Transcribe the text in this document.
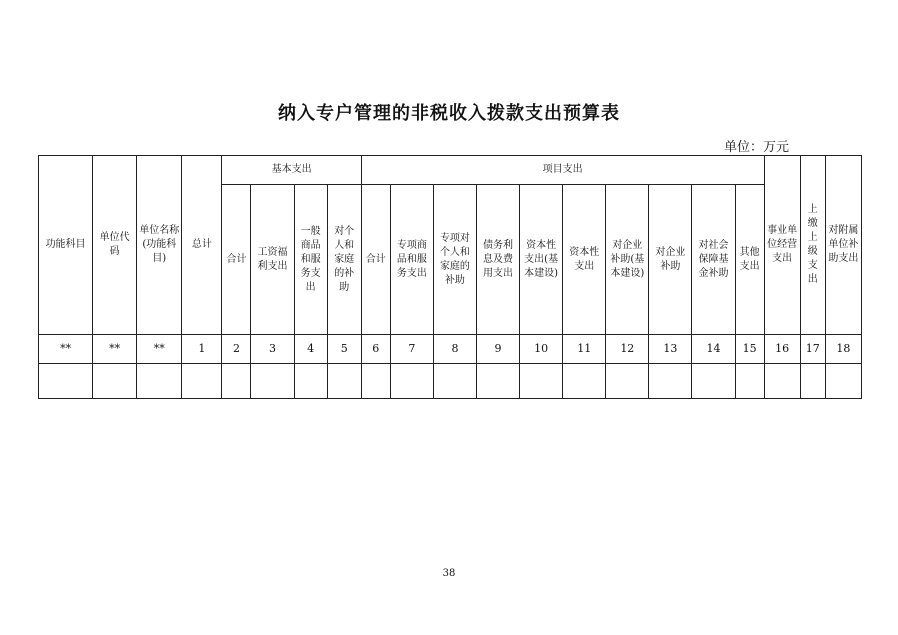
纳入专户管理的非税收入拨款支出预算表
单位：万元
功能科目	单位代码	单位名称(功能科目)	总计	基本支出				项目支出										事业单位经营支出	上缴上级支出	对附属单位补助支出
				合计	工资福利支出	一般商品和服务支出	对个人和家庭的补助	合计	专项商品和服务支出	专项对个人和家庭的补助	债务利息及费用支出	资本性支出(基本建设)	资本性支出	对企业补助(基本建设)	对企业补助	对社会保障基金补助	其他支出			
**	**	**	1	2	3	4	5	6	7	8	9	10	11	12	13	14	15	16	17	18

38
